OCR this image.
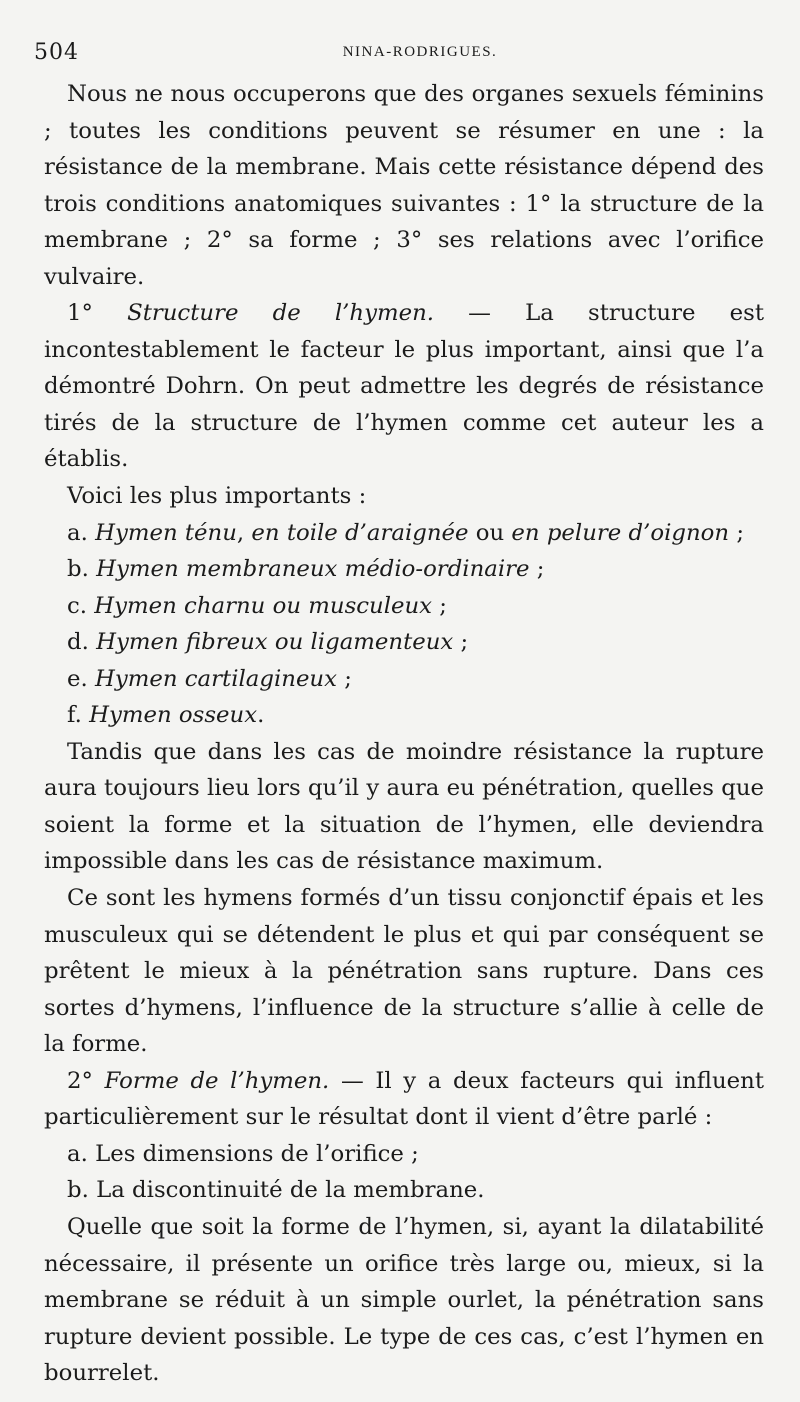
504	NINA-RODRIGUES.

Nous ne nous occuperons que des organes sexuels féminins ; toutes les conditions peuvent se résumer en une : la résistance de la membrane. Mais cette résistance dépend des trois conditions anatomiques suivantes : 1° la structure de la membrane ; 2° sa forme ; 3° ses relations avec l’orifice vulvaire.

1° Structure de l’hymen. — La structure est incontestablement le facteur le plus important, ainsi que l’a démontré Dohrn. On peut admettre les degrés de résistance tirés de la structure de l’hymen comme cet auteur les a établis.

Voici les plus importants :

a. Hymen ténu, en toile d’araignée ou en pelure d’oignon ;

b. Hymen membraneux médio-ordinaire ;

c. Hymen charnu ou musculeux ;

d. Hymen fibreux ou ligamenteux ;

e. Hymen cartilagineux ;

f. Hymen osseux.

Tandis que dans les cas de moindre résistance la rupture aura toujours lieu lors qu’il y aura eu pénétration, quelles que soient la forme et la situation de l’hymen, elle deviendra impossible dans les cas de résistance maximum.

Ce sont les hymens formés d’un tissu conjonctif épais et les musculeux qui se détendent le plus et qui par conséquent se prêtent le mieux à la pénétration sans rupture. Dans ces sortes d’hymens, l’influence de la structure s’allie à celle de la forme.

2° Forme de l’hymen. — Il y a deux facteurs qui influent particulièrement sur le résultat dont il vient d’être parlé :

a. Les dimensions de l’orifice ;

b. La discontinuité de la membrane.

Quelle que soit la forme de l’hymen, si, ayant la dilatabilité nécessaire, il présente un orifice très large ou, mieux, si la membrane se réduit à un simple ourlet, la pénétration sans rupture devient possible. Le type de ces cas, c’est l’hymen en bourrelet.
